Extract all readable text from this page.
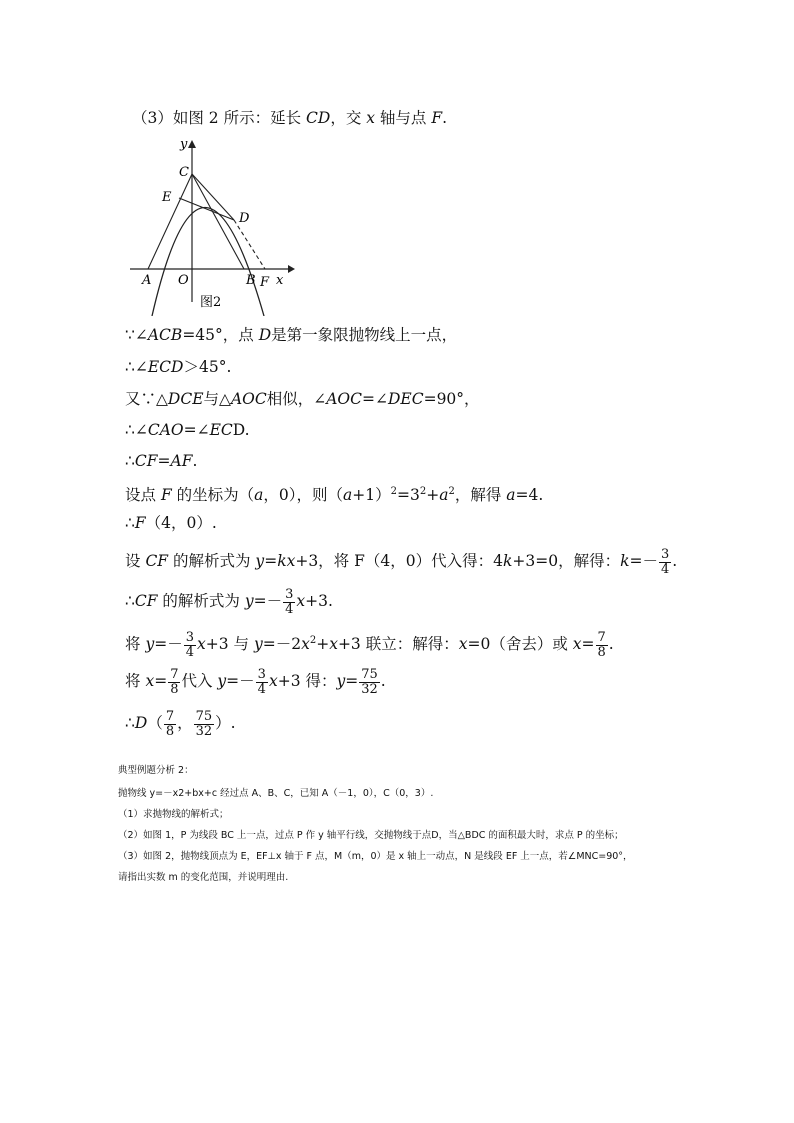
（3）如图 2 所示：延长 CD，交 x 轴与点 F.
y
C
E
D
A O	B F x
图2
∵∠ACB=45°，点 D是第一象限抛物线上一点，
∴∠ECD＞45°.
又∵△DCE与△AOC相似，∠AOC=∠DEC=90°，
∴∠CAO=∠ECD.
∴CF=AF.
设点 F 的坐标为（a，0），则$(a+1)^2=3^2+a^2$，解得 a=4.
∴F（4，0）.
设 CF 的解析式为 y=kx+3，将 F（4，0）代入得：4k+3=0，解得：$k=- \frac{3}{4}$ .
∴CF 的解析式为 $y=- \frac{3}{4} x+3$.
将 $y=- \frac{3}{4} x+3$ 与 $y=-2x^2+x+3$ 联立：解得：x=0（舍去）或 $x= \frac{7}{8}$ .
将 $x= \frac{7}{8}$ 代入 $y=- \frac{3}{4} x+3$ 得：$y= \frac{75}{32}$ .
∴D（ $\frac{7}{8}$ ， $\frac{75}{32}$ ）.
典型例题分析 2：
抛物线 y=－x2+bx+c 经过点 A、B、C，已知 A（－1，0），C（0，3）.
（1）求抛物线的解析式；
（2）如图 1，P 为线段 BC 上一点，过点 P 作 y 轴平行线，交抛物线于点D，当△BDC 的面积最大时，求点 P 的坐标；
（3）如图 2，抛物线顶点为 E，EF⊥x 轴于 F 点，M（m，0）是 x 轴上一动点，N 是线段 EF 上一点，若∠MNC=90°，
请指出实数 m 的变化范围，并说明理由.
